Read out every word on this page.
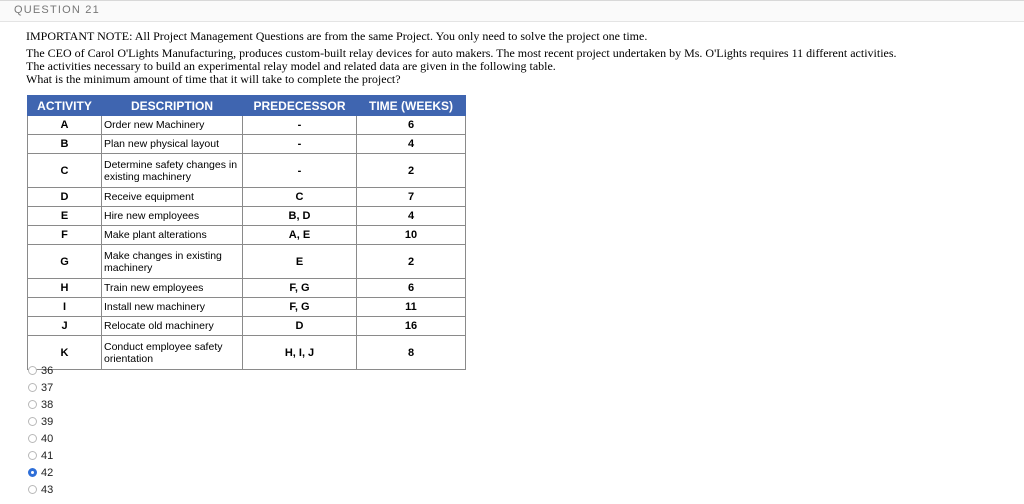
QUESTION 21

IMPORTANT NOTE: All Project Management Questions are from the same Project. You only need to solve the project one time.

The CEO of Carol O'Lights Manufacturing, produces custom-built relay devices for auto makers. The most recent project undertaken by Ms. O'Lights requires 11 different activities.

The activities necessary to build an experimental relay model and related data are given in the following table.

What is the minimum amount of time that it will take to complete the project?

ACTIVITY	DESCRIPTION	PREDECESSOR	TIME (WEEKS)
A	Order new Machinery	-	6
B	Plan new physical layout	-	4
C	Determine safety changes in existing machinery	-	2
D	Receive equipment	C	7
E	Hire new employees	B, D	4
F	Make plant alterations	A, E	10
G	Make changes in existing machinery	E	2
H	Train new employees	F, G	6
I	Install new machinery	F, G	11
J	Relocate old machinery	D	16
K	Conduct employee safety orientation	H, I, J	8
36
37
38
39
40
41
42
43
